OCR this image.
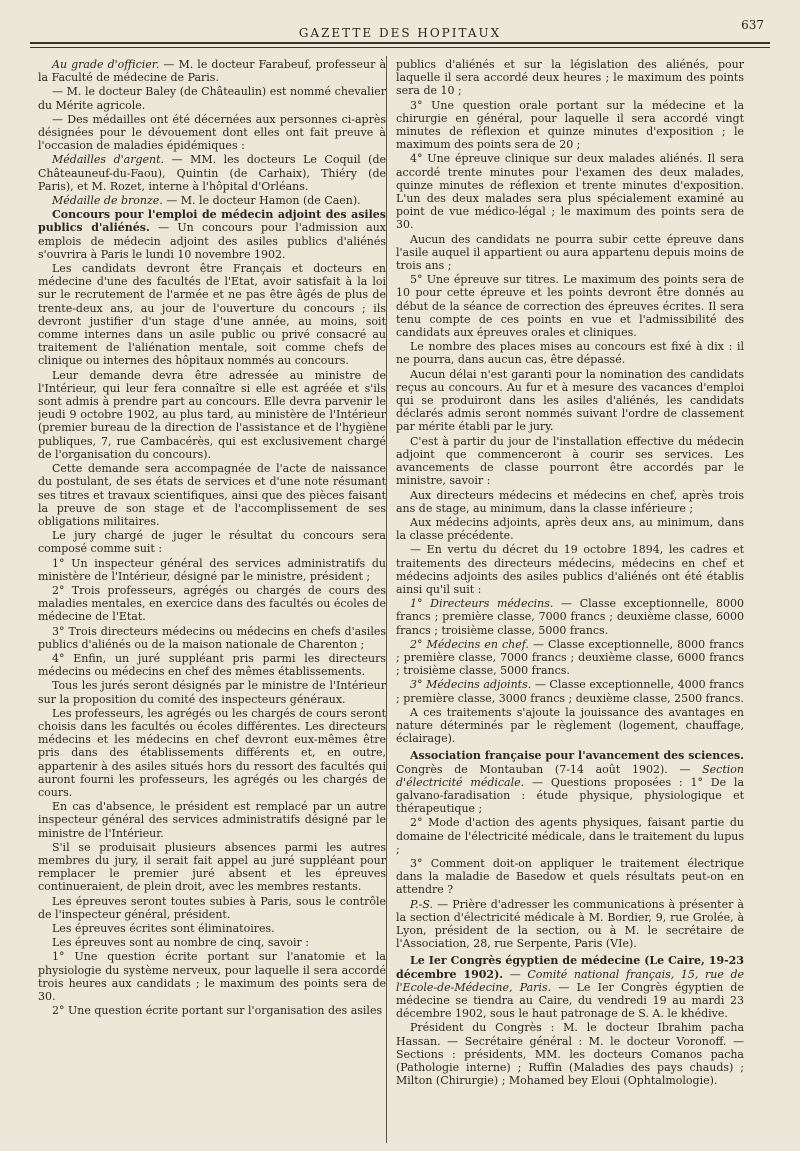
GAZETTE DES HOPITAUX
637

Au grade d'officier. — M. le docteur Farabeuf, professeur à la Faculté de médecine de Paris.

— M. le docteur Baley (de Châteaulin) est nommé chevalier du Mérite agricole.

— Des médailles ont été décernées aux personnes ci-après désignées pour le dévouement dont elles ont fait preuve à l'occasion de maladies épidémiques :

Médailles d'argent. — MM. les docteurs Le Coquil (de Châteauneuf-du-Faou), Quintin (de Carhaix), Thiéry (de Paris), et M. Rozet, interne à l'hôpital d'Orléans.

Médaille de bronze. — M. le docteur Hamon (de Caen).

Concours pour l'emploi de médecin adjoint des asiles publics d'aliénés. — Un concours pour l'admission aux emplois de médecin adjoint des asiles publics d'aliénés s'ouvrira à Paris le lundi 10 novembre 1902.

Les candidats devront être Français et docteurs en médecine d'une des facultés de l'Etat, avoir satisfait à la loi sur le recrutement de l'armée et ne pas être âgés de plus de trente-deux ans, au jour de l'ouverture du concours ; ils devront justifier d'un stage d'une année, au moins, soit comme internes dans un asile public ou privé consacré au traitement de l'aliénation mentale, soit comme chefs de clinique ou internes des hôpitaux nommés au concours.

Leur demande devra être adressée au ministre de l'Intérieur, qui leur fera connaître si elle est agréée et s'ils sont admis à prendre part au concours. Elle devra parvenir le jeudi 9 octobre 1902, au plus tard, au ministère de l'Intérieur (premier bureau de la direction de l'assistance et de l'hygiène publiques, 7, rue Cambacérès, qui est exclusivement chargé de l'organisation du concours).

Cette demande sera accompagnée de l'acte de naissance du postulant, de ses états de services et d'une note résumant ses titres et travaux scientifiques, ainsi que des pièces faisant la preuve de son stage et de l'accomplissement de ses obligations militaires.

Le jury chargé de juger le résultat du concours sera composé comme suit :

1° Un inspecteur général des services administratifs du ministère de l'Intérieur, désigné par le ministre, président ;

2° Trois professeurs, agrégés ou chargés de cours des maladies mentales, en exercice dans des facultés ou écoles de médecine de l'Etat.

3° Trois directeurs médecins ou médecins en chefs d'asiles publics d'aliénés ou de la maison nationale de Charenton ;

4° Enfin, un juré suppléant pris parmi les directeurs médecins ou médecins en chef des mêmes établissements.

Tous les jurés seront désignés par le ministre de l'Intérieur sur la proposition du comité des inspecteurs généraux.

Les professeurs, les agrégés ou les chargés de cours seront choisis dans les facultés ou écoles différentes. Les directeurs médecins et les médecins en chef devront eux-mêmes être pris dans des établissements différents et, en outre, appartenir à des asiles situés hors du ressort des facultés qui auront fourni les professeurs, les agrégés ou les chargés de cours.

En cas d'absence, le président est remplacé par un autre inspecteur général des services administratifs désigné par le ministre de l'Intérieur.

S'il se produisait plusieurs absences parmi les autres membres du jury, il serait fait appel au juré suppléant pour remplacer le premier juré absent et les épreuves continueraient, de plein droit, avec les membres restants.

Les épreuves seront toutes subies à Paris, sous le contrôle de l'inspecteur général, président.

Les épreuves écrites sont éliminatoires.

Les épreuves sont au nombre de cinq, savoir :

1° Une question écrite portant sur l'anatomie et la physiologie du système nerveux, pour laquelle il sera accordé trois heures aux candidats ; le maximum des points sera de 30.

2° Une question écrite portant sur l'organisation des asiles

publics d'aliénés et sur la législation des aliénés, pour laquelle il sera accordé deux heures ; le maximum des points sera de 10 ;

3° Une question orale portant sur la médecine et la chirurgie en général, pour laquelle il sera accordé vingt minutes de réflexion et quinze minutes d'exposition ; le maximum des points sera de 20 ;

4° Une épreuve clinique sur deux malades aliénés. Il sera accordé trente minutes pour l'examen des deux malades, quinze minutes de réflexion et trente minutes d'exposition. L'un des deux malades sera plus spécialement examiné au point de vue médico-légal ; le maximum des points sera de 30.

Aucun des candidats ne pourra subir cette épreuve dans l'asile auquel il appartient ou aura appartenu depuis moins de trois ans ;

5° Une épreuve sur titres. Le maximum des points sera de 10 pour cette épreuve et les points devront être donnés au début de la séance de correction des épreuves écrites. Il sera tenu compte de ces points en vue et l'admissibilité des candidats aux épreuves orales et cliniques.

Le nombre des places mises au concours est fixé à dix : il ne pourra, dans aucun cas, être dépassé.

Aucun délai n'est garanti pour la nomination des candidats reçus au concours. Au fur et à mesure des vacances d'emploi qui se produiront dans les asiles d'aliénés, les candidats déclarés admis seront nommés suivant l'ordre de classement par mérite établi par le jury.

C'est à partir du jour de l'installation effective du médecin adjoint que commenceront à courir ses services. Les avancements de classe pourront être accordés par le ministre, savoir :

Aux directeurs médecins et médecins en chef, après trois ans de stage, au minimum, dans la classe inférieure ;

Aux médecins adjoints, après deux ans, au minimum, dans la classe précédente.

— En vertu du décret du 19 octobre 1894, les cadres et traitements des directeurs médecins, médecins en chef et médecins adjoints des asiles publics d'aliénés ont été établis ainsi qu'il suit :

1° Directeurs médecins. — Classe exceptionnelle, 8000 francs ; première classe, 7000 francs ; deuxième classe, 6000 francs ; troisième classe, 5000 francs.

2° Médecins en chef. — Classe exceptionnelle, 8000 francs ; première classe, 7000 francs ; deuxième classe, 6000 francs ; troisième classe, 5000 francs.

3° Médecins adjoints. — Classe exceptionnelle, 4000 francs ; première classe, 3000 francs ; deuxième classe, 2500 francs.

A ces traitements s'ajoute la jouissance des avantages en nature déterminés par le règlement (logement, chauffage, éclairage).

Association française pour l'avancement des sciences. Congrès de Montauban (7-14 août 1902). — Section d'électricité médicale. — Questions proposées : 1° De la galvano-faradisation : étude physique, physiologique et thérapeutique ;

2° Mode d'action des agents physiques, faisant partie du domaine de l'électricité médicale, dans le traitement du lupus ;

3° Comment doit-on appliquer le traitement électrique dans la maladie de Basedow et quels résultats peut-on en attendre ?

P.-S. — Prière d'adresser les communications à présenter à la section d'électricité médicale à M. Bordier, 9, rue Grolée, à Lyon, président de la section, ou à M. le secrétaire de l'Association, 28, rue Serpente, Paris (VIe).

Le Ier Congrès égyptien de médecine (Le Caire, 19-23 décembre 1902). — Comité national français, 15, rue de l'Ecole-de-Médecine, Paris. — Le Ier Congrès égyptien de médecine se tiendra au Caire, du vendredi 19 au mardi 23 décembre 1902, sous le haut patronage de S. A. le khédive.

Président du Congrès : M. le docteur Ibrahim pacha Hassan. — Secrétaire général : M. le docteur Voronoff. — Sections : présidents, MM. les docteurs Comanos pacha (Pathologie interne) ; Ruffin (Maladies des pays chauds) ; Milton (Chirurgie) ; Mohamed bey Eloui (Ophtalmologie).
